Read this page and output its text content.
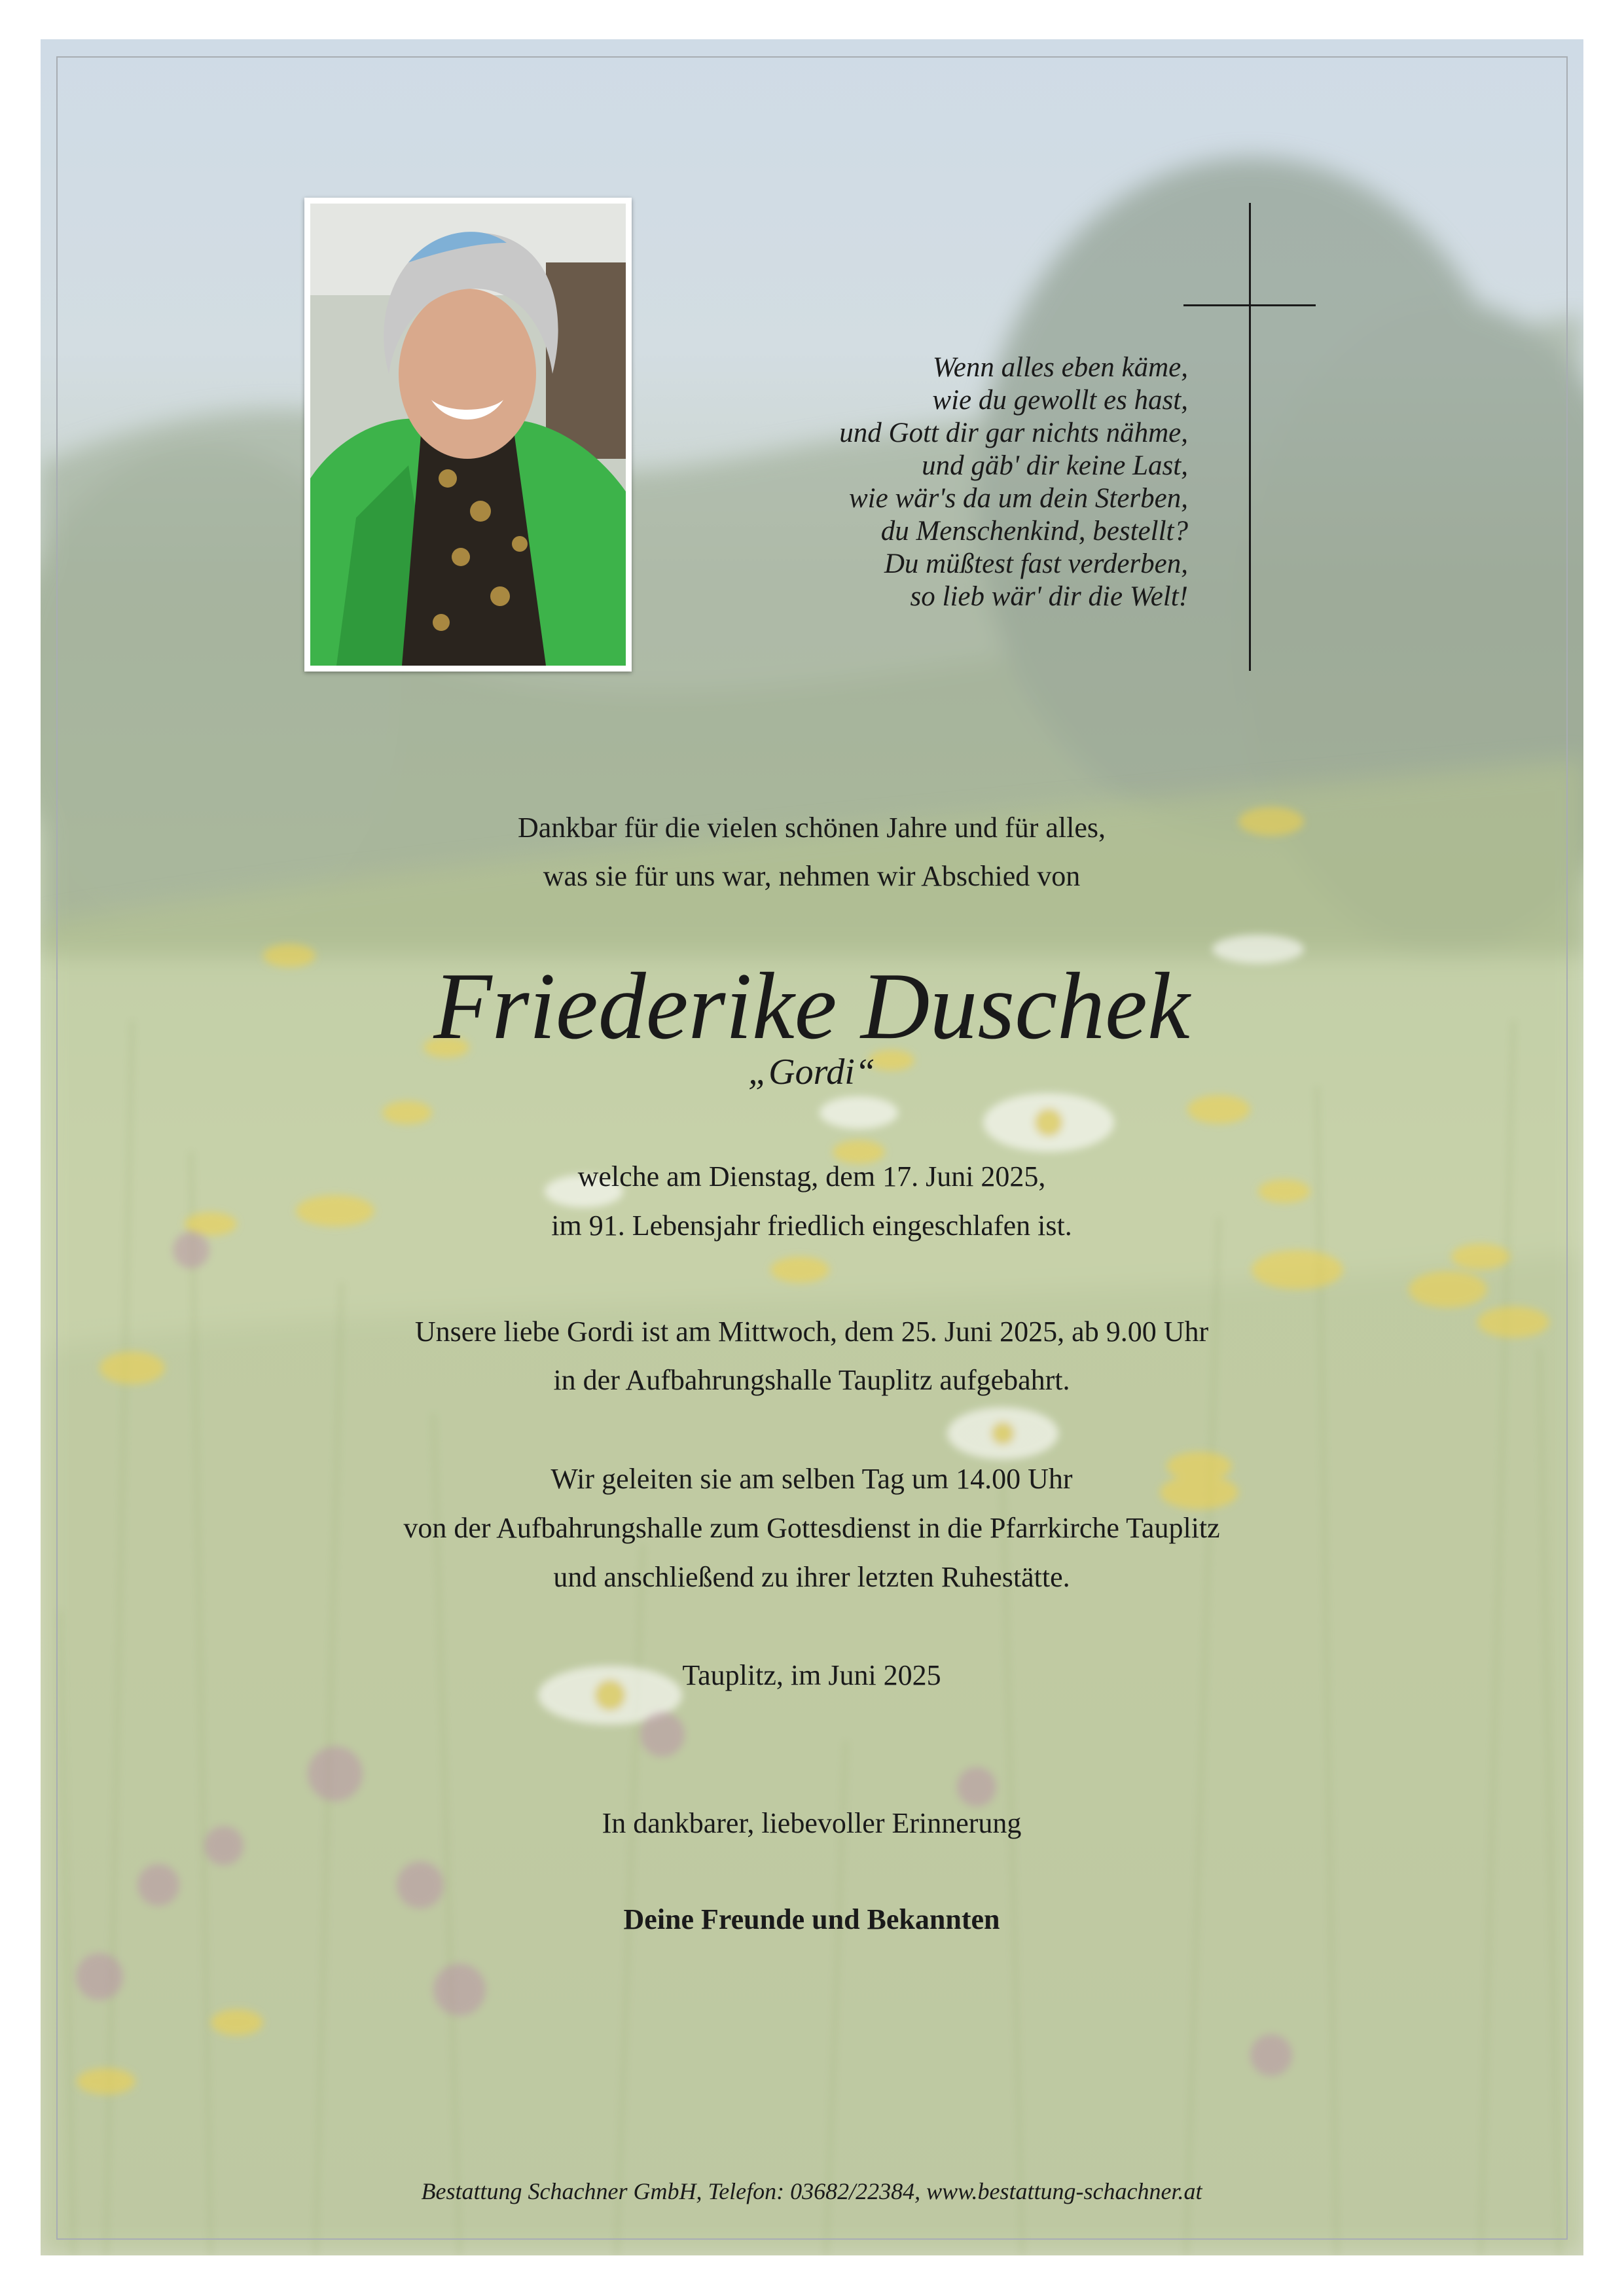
Wenn alles eben käme,
wie du gewollt es hast,
und Gott dir gar nichts nähme,
und gäb' dir keine Last,
wie wär's da um dein Sterben,
du Menschenkind, bestellt?
Du müßtest fast verderben,
so lieb wär' dir die Welt!
Dankbar für die vielen schönen Jahre und für alles,
was sie für uns war, nehmen wir Abschied von
Friederike Duschek
„Gordi“
welche am Dienstag, dem 17. Juni 2025,
im 91. Lebensjahr friedlich eingeschlafen ist.
Unsere liebe Gordi ist am Mittwoch, dem 25. Juni 2025, ab 9.00 Uhr
in der Aufbahrungshalle Tauplitz aufgebahrt.
Wir geleiten sie am selben Tag um 14.00 Uhr
von der Aufbahrungshalle zum Gottesdienst in die Pfarrkirche Tauplitz
und anschließend zu ihrer letzten Ruhestätte.
Tauplitz, im Juni 2025
In dankbarer, liebevoller Erinnerung
Deine Freunde und Bekannten
Bestattung Schachner GmbH, Telefon: 03682/22384, www.bestattung-schachner.at
